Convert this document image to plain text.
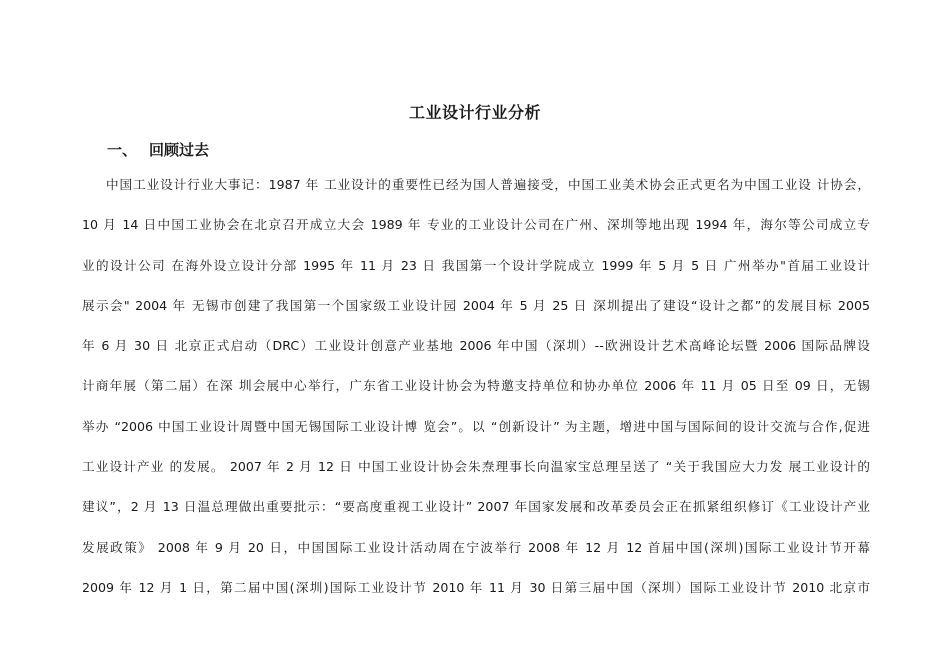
工业设计行业分析
一、 回顾过去
中国工业设计行业大事记：1987 年 工业设计的重要性已经为国人普遍接受，中国工业美术协会正式更名为中国工业设 计协会，
10 月 14 日中国工业协会在北京召开成立大会 1989 年 专业的工业设计公司在广州、深圳等地出现 1994 年，海尔等公司成立专
业的设计公司 在海外设立设计分部 1995 年 11 月 23 日 我国第一个设计学院成立 1999 年 5 月 5 日 广州举办"首届工业设计
展示会" 2004 年 无锡市创建了我国第一个国家级工业设计园 2004 年 5 月 25 日 深圳提出了建设“设计之都”的发展目标 2005
年 6 月 30 日 北京正式启动（DRC）工业设计创意产业基地 2006 年中国（深圳）--欧洲设计艺术高峰论坛暨 2006 国际品牌设
计商年展（第二届）在深 圳会展中心举行，广东省工业设计协会为特邀支持单位和协办单位 2006 年 11 月 05 日至 09 日，无锡
举办 “2006 中国工业设计周暨中国无锡国际工业设计博 览会”。以 “创新设计” 为主题，增进中国与国际间的设计交流与合作,促进
工业设计产业 的发展。 2007 年 2 月 12 日 中国工业设计协会朱焘理事长向温家宝总理呈送了 “关于我国应大力发 展工业设计的
建议”，2 月 13 日温总理做出重要批示：“要高度重视工业设计” 2007 年国家发展和改革委员会正在抓紧组织修订《工业设计产业
发展政策》 2008 年 9 月 20 日，中国国际工业设计活动周在宁波举行 2008 年 12 月 12 首届中国(深圳)国际工业设计节开幕
2009 年 12 月 1 日，第二届中国(深圳)国际工业设计节 2010 年 11 月 30 日第三届中国（深圳）国际工业设计节 2010 北京市
